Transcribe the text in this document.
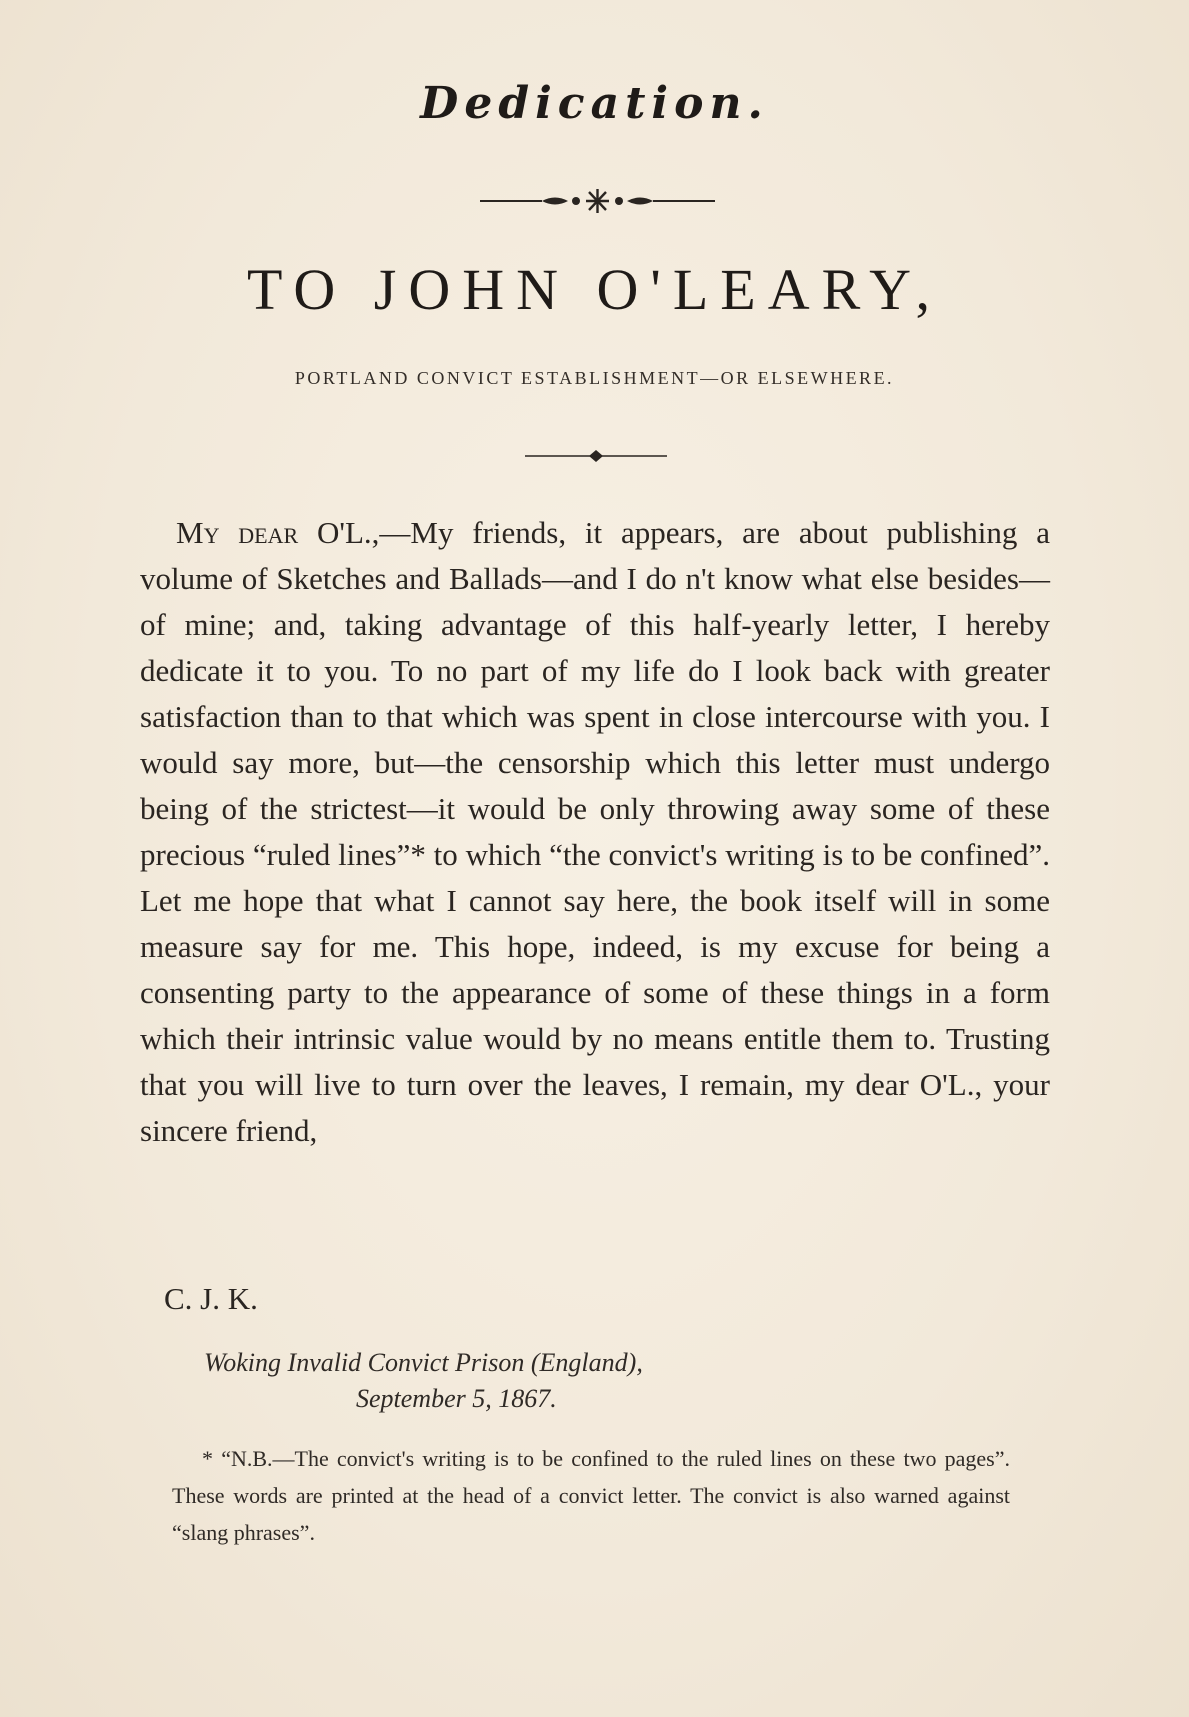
Dedication.
TO JOHN O'LEARY,
PORTLAND CONVICT ESTABLISHMENT—OR ELSEWHERE.
My dear O'L.,—My friends, it appears, are about publishing a volume of Sketches and Ballads—and I do n't know what else besides—of mine; and, taking advantage of this half-yearly letter, I hereby dedicate it to you. To no part of my life do I look back with greater satisfaction than to that which was spent in close intercourse with you. I would say more, but—the censorship which this letter must undergo being of the strictest—it would be only throwing away some of these precious “ruled lines”* to which “the convict's writing is to be confined”. Let me hope that what I cannot say here, the book itself will in some measure say for me. This hope, indeed, is my excuse for being a consenting party to the appearance of some of these things in a form which their intrinsic value would by no means entitle them to. Trusting that you will live to turn over the leaves, I remain, my dear O'L., your sincere friend,
C. J. K.
Woking Invalid Convict Prison (England),
September 5, 1867.
* “N.B.—The convict's writing is to be confined to the ruled lines on these two pages”. These words are printed at the head of a convict letter. The convict is also warned against “slang phrases”.
